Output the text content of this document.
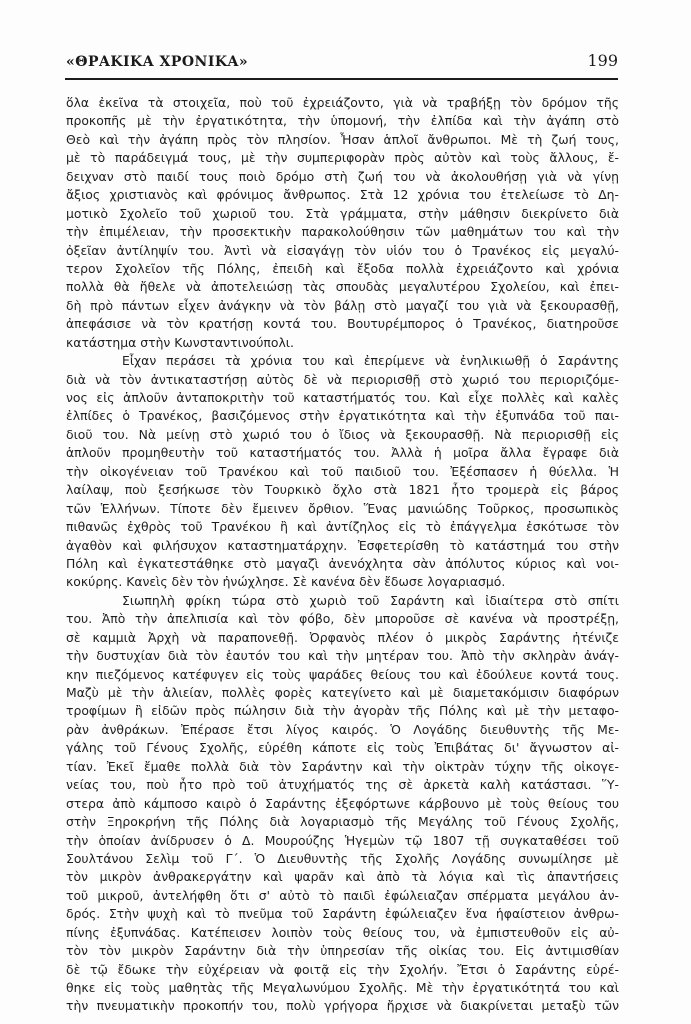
«ΘΡΑΚΙΚΑ ΧΡΟΝΙΚΑ»	199
ὅλα ἐκεῖνα τὰ στοιχεῖα, ποὺ τοῦ ἐχρειάζοντο, γιὰ νὰ τραβήξῃ τὸν δρόμον τῆς
προκοπῆς μὲ τὴν ἐργατικότητα, τὴν ὑπομονή, τὴν ἐλπίδα καὶ τὴν ἀγάπη στὸ
Θεὸ καὶ τὴν ἀγάπη πρὸς τὸν πλησίον. Ἦσαν ἁπλοῖ ἄνθρωποι. Μὲ τὴ ζωή τους,
μὲ τὸ παράδειγμά τους, μὲ τὴν συμπεριφορὰν πρὸς αὐτὸν καὶ τοὺς ἄλλους, ἔ-
δειχναν στὸ παιδί τους ποιὸ δρόμο στὴ ζωή του νὰ ἀκολουθήσῃ γιὰ νὰ γίνῃ
ἄξιος χριστιανὸς καὶ φρόνιμος ἄνθρωπος. Στὰ 12 χρόνια του ἐτελείωσε τὸ Δη-
μοτικὸ Σχολεῖο τοῦ χωριοῦ του. Στὰ γράμματα, στὴν μάθησιν διεκρίνετο διὰ
τὴν ἐπιμέλειαν, τὴν προσεκτικὴν παρακολούθησιν τῶν μαθημάτων του καὶ τὴν
ὀξεῖαν ἀντίληψίν του. Ἀντὶ νὰ εἰσαγάγῃ τὸν υἱόν του ὁ Τρανέκος εἰς μεγαλύ-
τερον Σχολεῖον τῆς Πόλης, ἐπειδὴ καὶ ἔξοδα πολλὰ ἐχρειάζοντο καὶ χρόνια
πολλὰ θὰ ἤθελε νὰ ἀποτελειώσῃ τὰς σπουδὰς μεγαλυτέρου Σχολείου, καὶ ἐπει-
δὴ πρὸ πάντων εἶχεν ἀνάγκην νὰ τὸν βάλῃ στὸ μαγαζί του γιὰ νὰ ξεκουρασθῇ,
ἀπεφάσισε νὰ τὸν κρατήσῃ κοντά του. Βουτυρέμπορος ὁ Τρανέκος, διατηροῦσε
κατάστημα στὴν Κωνσταντινούπολι.
Εἶχαν περάσει τὰ χρόνια του καὶ ἐπερίμενε νὰ ἐνηλικιωθῇ ὁ Σαράντης
διὰ νὰ τὸν ἀντικαταστήσῃ αὐτὸς δὲ νὰ περιορισθῇ στὸ χωριό του περιοριζόμε-
νος εἰς ἁπλοῦν ἀνταποκριτὴν τοῦ καταστήματός του. Καὶ εἶχε πολλὲς καὶ καλὲς
ἐλπίδες ὁ Τρανέκος, βασιζόμενος στὴν ἐργατικότητα καὶ τὴν ἐξυπνάδα τοῦ παι-
διοῦ του. Νὰ μείνῃ στὸ χωριό του ὁ ἴδιος νὰ ξεκουρασθῇ. Νὰ περιορισθῇ εἰς
ἁπλοῦν προμηθευτὴν τοῦ καταστήματός του. Ἀλλὰ ἡ μοῖρα ἄλλα ἔγραφε διὰ
τὴν οἰκογένειαν τοῦ Τρανέκου καὶ τοῦ παιδιοῦ του. Ἐξέσπασεν ἡ θύελλα. Ἡ
λαίλαψ, ποὺ ξεσήκωσε τὸν Τουρκικὸ ὄχλο στὰ 1821 ἦτο τρομερὰ εἰς βάρος
τῶν Ἑλλήνων. Τίποτε δὲν ἔμεινεν ὄρθιον. Ἕνας μανιώδης Τοῦρκος, προσωπικὸς
πιθανῶς ἐχθρὸς τοῦ Τρανέκου ἢ καὶ ἀντίζηλος εἰς τὸ ἐπάγγελμα ἐσκότωσε τὸν
ἀγαθὸν καὶ φιλήσυχον καταστηματάρχην. Ἐσφετερίσθη τὸ κατάστημά του στὴν
Πόλη καὶ ἐγκατεστάθηκε στὸ μαγαζὶ ἀνενόχλητα σὰν ἀπόλυτος κύριος καὶ νοι-
κοκύρης. Κανεὶς δὲν τὸν ἠνώχλησε. Σὲ κανένα δὲν ἔδωσε λογαριασμό.
Σιωπηλὴ φρίκη τώρα στὸ χωριὸ τοῦ Σαράντη καὶ ἰδιαίτερα στὸ σπίτι
του. Ἀπὸ τὴν ἀπελπισία καὶ τὸν φόβο, δὲν μποροῦσε σὲ κανένα νὰ προστρέξῃ,
σὲ καμμιὰ Ἀρχὴ νὰ παραπονεθῇ. Ὀρφανὸς πλέον ὁ μικρὸς Σαράντης ἠτένιζε
τὴν δυστυχίαν διὰ τὸν ἑαυτόν του καὶ τὴν μητέραν του. Ἀπὸ τὴν σκληρὰν ἀνάγ-
κην πιεζόμενος κατέφυγεν εἰς τοὺς ψαράδες θείους του καὶ ἐδούλευε κοντά τους.
Μαζὺ μὲ τὴν ἁλιείαν, πολλὲς φορὲς κατεγίνετο καὶ μὲ διαμετακόμισιν διαφόρων
τροφίμων ἢ εἰδῶν πρὸς πώλησιν διὰ τὴν ἀγορὰν τῆς Πόλης καὶ μὲ τὴν μεταφο-
ρὰν ἀνθράκων. Ἐπέρασε ἔτσι λίγος καιρός. Ὁ Λογάδης διευθυντὴς τῆς Με-
γάλης τοῦ Γένους Σχολῆς, εὑρέθη κάποτε εἰς τοὺς Ἐπιβάτας δι' ἄγνωστον αἰ-
τίαν. Ἐκεῖ ἔμαθε πολλὰ διὰ τὸν Σαράντην καὶ τὴν οἰκτρὰν τύχην τῆς οἰκογε-
νείας του, ποὺ ἦτο πρὸ τοῦ ἀτυχήματός της σὲ ἀρκετὰ καλὴ κατάστασι. Ὕ-
στερα ἀπὸ κάμποσο καιρὸ ὁ Σαράντης ἐξεφόρτωνε κάρβουνο μὲ τοὺς θείους του
στὴν Ξηροκρήνη τῆς Πόλης διὰ λογαριασμὸ τῆς Μεγάλης τοῦ Γένους Σχολῆς,
τὴν ὁποίαν ἀνίδρυσεν ὁ Δ. Μουρούζης Ἡγεμὼν τῷ 1807 τῇ συγκαταθέσει τοῦ
Σουλτάνου Σελὶμ τοῦ Γ΄. Ὁ Διευθυντὴς τῆς Σχολῆς Λογάδης συνωμίλησε μὲ
τὸν μικρὸν ἀνθρακεργάτην καὶ ψαρᾶν καὶ ἀπὸ τὰ λόγια καὶ τὶς ἀπαντήσεις
τοῦ μικροῦ, ἀντελήφθη ὅτι σ' αὐτὸ τὸ παιδὶ ἐφώλειαζαν σπέρματα μεγάλου ἀν-
δρός. Στὴν ψυχὴ καὶ τὸ πνεῦμα τοῦ Σαράντη ἐφώλειαζεν ἕνα ἡφαίστειον ἀνθρω-
πίνης ἐξυπνάδας. Κατέπεισεν λοιπὸν τοὺς θείους του, νὰ ἐμπιστευθοῦν εἰς αὐ-
τὸν τὸν μικρὸν Σαράντην διὰ τὴν ὑπηρεσίαν τῆς οἰκίας του. Εἰς ἀντιμισθίαν
δὲ τῷ ἔδωκε τὴν εὐχέρειαν νὰ φοιτᾷ εἰς τὴν Σχολήν. Ἔτσι ὁ Σαράντης εὑρέ-
θηκε εἰς τοὺς μαθητὰς τῆς Μεγαλωνύμου Σχολῆς. Μὲ τὴν ἐργατικότητά του καὶ
τὴν πνευματικὴν προκοπήν του, πολὺ γρήγορα ἤρχισε νὰ διακρίνεται μεταξὺ τῶν
